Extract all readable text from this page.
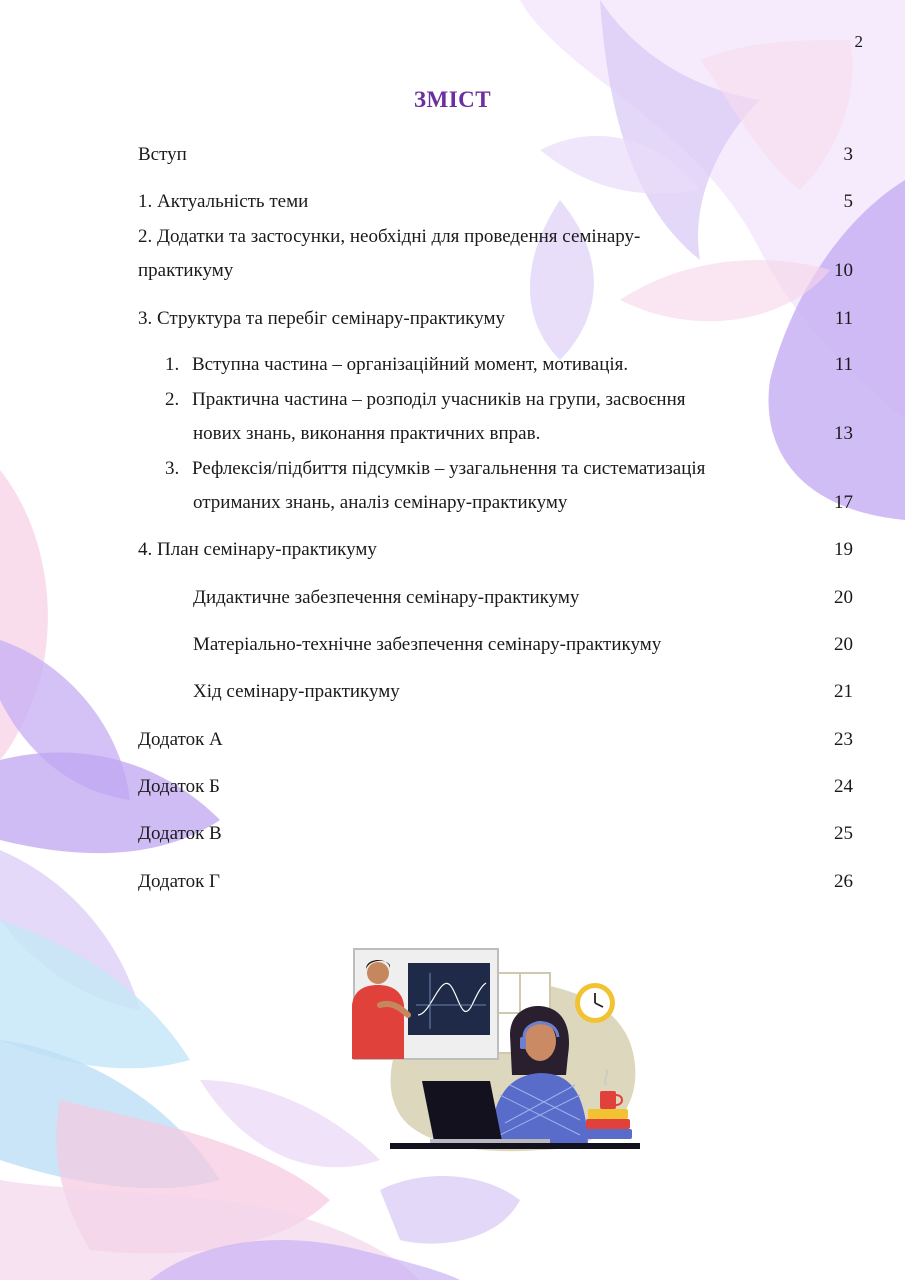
2
ЗМІСТ
Вступ	3
1. Актуальність теми	5
2. Додатки та застосунки, необхідні для проведення семінару-
практикуму	10
3. Структура та перебіг семінару-практикуму	11
1. Вступна частина – організаційний момент, мотивація.	11
2. Практична частина – розподіл учасників на групи, засвоєння
нових знань, виконання практичних вправ.	13
3. Рефлексія/підбиття підсумків – узагальнення та систематизація
отриманих знань, аналіз семінару-практикуму	17
4. План семінару-практикуму	19
Дидактичне забезпечення семінару-практикуму	20
Матеріально-технічне забезпечення семінару-практикуму	20
Хід семінару-практикуму	21
Додаток А	23
Додаток Б	24
Додаток В	25
Додаток Г	26
